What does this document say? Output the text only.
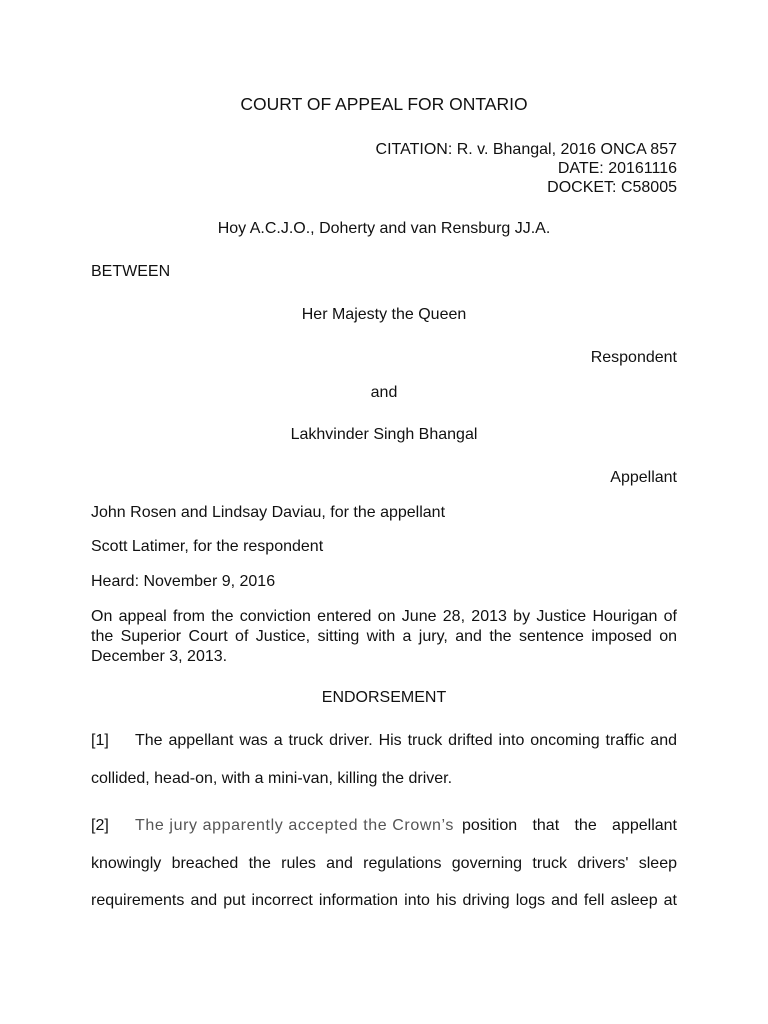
COURT OF APPEAL FOR ONTARIO
CITATION: R. v. Bhangal, 2016 ONCA 857
DATE: 20161116
DOCKET: C58005
Hoy A.C.J.O., Doherty and van Rensburg JJ.A.
BETWEEN
Her Majesty the Queen
Respondent
and
Lakhvinder Singh Bhangal
Appellant
John Rosen and Lindsay Daviau, for the appellant
Scott Latimer, for the respondent
Heard: November 9, 2016
On appeal from the conviction entered on June 28, 2013 by Justice Hourigan of the Superior Court of Justice, sitting with a jury, and the sentence imposed on December 3, 2013.
ENDORSEMENT
[1]	The appellant was a truck driver. His truck drifted into oncoming traffic and
collided, head-on, with a mini-van, killing the driver.
[2]	The jury apparently accepted the Crown’s position that the appellant
knowingly breached the rules and regulations governing truck drivers' sleep
requirements and put incorrect information into his driving logs and fell asleep at
